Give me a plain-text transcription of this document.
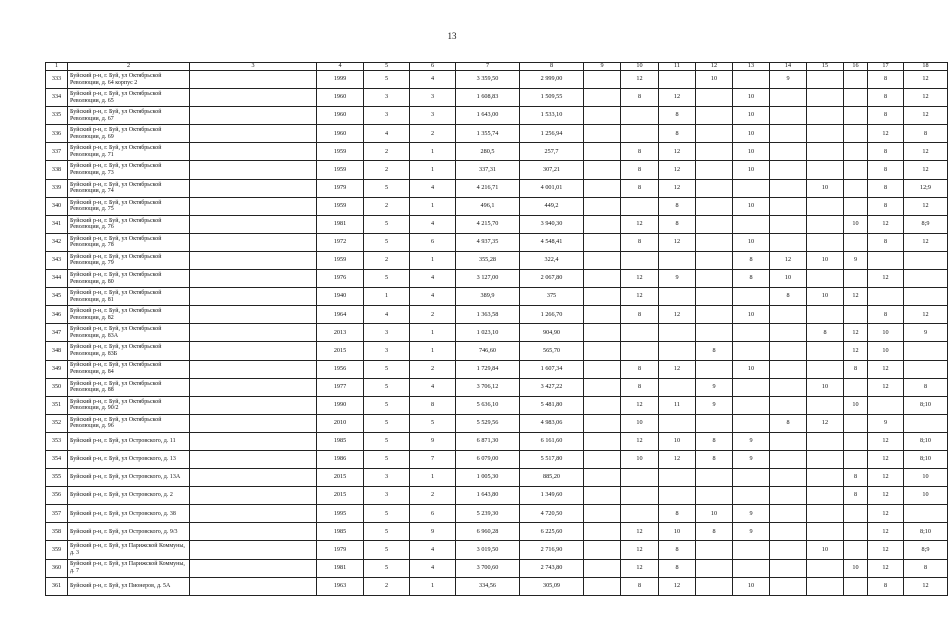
13
1	2	3	4	5	6	7	8	9	10	11	12	13	14	15	16	17	18
333	Буйский р-н, г. Буй, ул Октябрьской Революции, д. 64 корпус 2		1999	5	4	3 359,50	2 999,00		12		10		9			8	12
334	Буйский р-н, г. Буй, ул Октябрьской Революции, д. 65		1960	3	3	1 608,83	1 509,55		8	12		10				8	12
335	Буйский р-н, г. Буй, ул Октябрьской Революции, д. 67		1960	3	3	1 643,00	1 533,10			8		10				8	12
336	Буйский р-н, г. Буй, ул Октябрьской Революции, д. 69		1960	4	2	1 355,74	1 256,94			8		10				12	8
337	Буйский р-н, г. Буй, ул Октябрьской Революции, д. 71		1959	2	1	280,5	257,7		8	12		10				8	12
338	Буйский р-н, г. Буй, ул Октябрьской Революции, д. 73		1959	2	1	337,31	307,21		8	12		10				8	12
339	Буйский р-н, г. Буй, ул Октябрьской Революции, д. 74		1979	5	4	4 216,71	4 001,01		8	12				10		8	12;9
340	Буйский р-н, г. Буй, ул Октябрьской Революции, д. 75		1959	2	1	496,1	449,2			8		10				8	12
341	Буйский р-н, г. Буй, ул Октябрьской Революции, д. 76		1981	5	4	4 215,70	3 940,30		12	8					10	12	8;9
342	Буйский р-н, г. Буй, ул Октябрьской Революции, д. 78		1972	5	6	4 937,35	4 548,41		8	12		10				8	12
343	Буйский р-н, г. Буй, ул Октябрьской Революции, д. 79		1959	2	1	355,28	322,4					8	12	10	9		
344	Буйский р-н, г. Буй, ул Октябрьской Революции, д. 80		1976	5	4	3 127,00	2 067,80		12	9		8	10			12	
345	Буйский р-н, г. Буй, ул Октябрьской Революции, д. 81		1940	1	4	389,9	375		12				8	10	12		
346	Буйский р-н, г. Буй, ул Октябрьской Революции, д. 82		1964	4	2	1 363,58	1 266,70		8	12		10				8	12
347	Буйский р-н, г. Буй, ул Октябрьской Революции, д. 83А		2013	3	1	1 023,10	904,90							8	12	10	9
348	Буйский р-н, г. Буй, ул Октябрьской Революции, д. 83Б		2015	3	1	746,60	565,70				8				12	10	
349	Буйский р-н, г. Буй, ул Октябрьской Революции, д. 84		1956	5	2	1 729,84	1 607,34		8	12		10			8	12	
350	Буйский р-н, г. Буй, ул Октябрьской Революции, д. 88		1977	5	4	3 706,12	3 427,22		8		9			10		12	8
351	Буйский р-н, г. Буй, ул Октябрьской Революции, д. 90/2		1990	5	8	5 636,10	5 481,80		12	11	9				10		8;10
352	Буйский р-н, г. Буй, ул Октябрьской Революции, д. 96		2010	5	5	5 529,56	4 983,06		10				8	12		9	
353	Буйский р-н, г. Буй, ул Островского, д. 11		1985	5	9	6 871,30	6 161,60		12	10	8	9				12	8;10
354	Буйский р-н, г. Буй, ул Островского, д. 13		1986	5	7	6 079,00	5 517,80		10	12	8	9				12	8;10
355	Буйский р-н, г. Буй, ул Островского, д. 13А		2015	3	1	1 005,30	885,20								8	12	10
356	Буйский р-н, г. Буй, ул Островского, д. 2		2015	3	2	1 643,80	1 349,60								8	12	10
357	Буйский р-н, г. Буй, ул Островского, д. 38		1995	5	6	5 239,30	4 720,50			8	10	9				12	
358	Буйский р-н, г. Буй, ул Островского, д. 9/3		1985	5	9	6 960,28	6 225,60		12	10	8	9				12	8;10
359	Буйский р-н, г. Буй, ул Парижской Коммуны, д. 3		1979	5	4	3 019,50	2 716,90		12	8				10		12	8;9
360	Буйский р-н, г. Буй, ул Парижской Коммуны, д. 7		1981	5	4	3 700,60	2 743,80		12	8					10	12	8
361	Буйский р-н, г. Буй, ул Пионеров, д. 5А		1963	2	1	334,56	305,09		8	12		10				8	12
